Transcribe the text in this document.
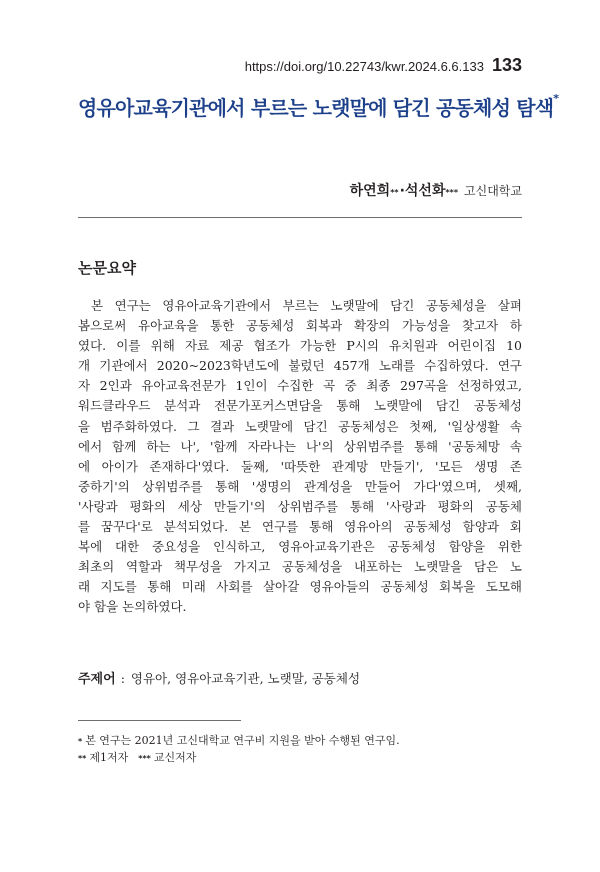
https://doi.org/10.22743/kwr.2024.6.6.133 133
영유아교육기관에서 부르는 노랫말에 담긴 공동체성 탐색*
하연희 ** · 석선화 *** 고신대학교
논문요약
본 연구는 영유아교육기관에서 부르는 노랫말에 담긴 공동체성을 살펴
봄으로써 유아교육을 통한 공동체성 회복과 확장의 가능성을 찾고자 하
였다. 이를 위해 자료 제공 협조가 가능한 P시의 유치원과 어린이집 10
개 기관에서 2020~2023학년도에 불렀던 457개 노래를 수집하였다. 연구
자 2인과 유아교육전문가 1인이 수집한 곡 중 최종 297곡을 선정하였고,
워드클라우드 분석과 전문가포커스면담을 통해 노랫말에 담긴 공동체성
을 범주화하였다. 그 결과 노랫말에 담긴 공동체성은 첫째, '일상생활 속
에서 함께 하는 나', '함께 자라나는 나'의 상위범주를 통해 '공동체망 속
에 아이가 존재하다'였다. 둘째, '따뜻한 관계망 만들기', '모든 생명 존
중하기'의 상위범주를 통해 '생명의 관계성을 만들어 가다'였으며, 셋째,
'사랑과 평화의 세상 만들기'의 상위범주를 통해 '사랑과 평화의 공동체
를 꿈꾸다'로 분석되었다. 본 연구를 통해 영유아의 공동체성 함양과 회
복에 대한 중요성을 인식하고, 영유아교육기관은 공동체성 함양을 위한
최초의 역할과 책무성을 가지고 공동체성을 내포하는 노랫말을 담은 노
래 지도를 통해 미래 사회를 살아갈 영유아들의 공동체성 회복을 도모해
야 함을 논의하였다.
주제어 : 영유아, 영유아교육기관, 노랫말, 공동체성
* 본 연구는 2021년 고신대학교 연구비 지원을 받아 수행된 연구임.
** 제1저자 *** 교신저자
